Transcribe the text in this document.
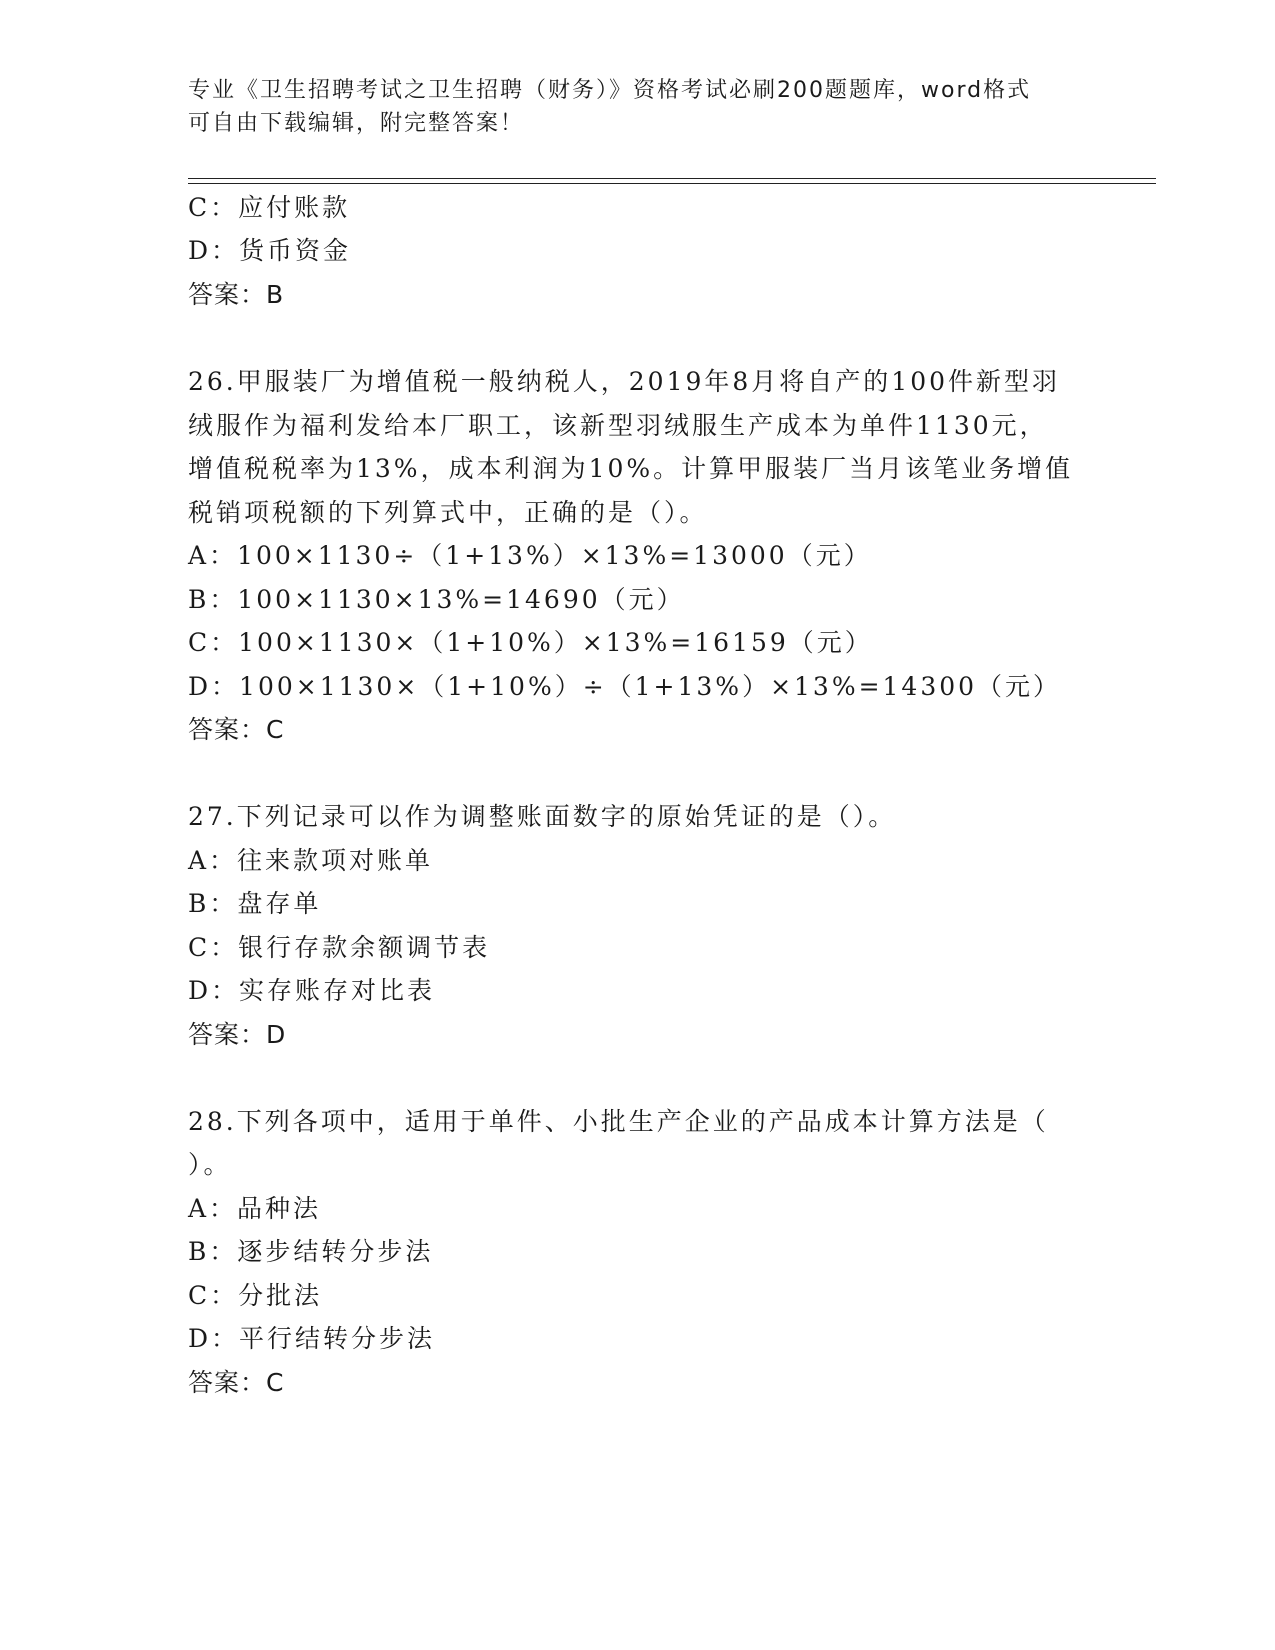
专业《卫生招聘考试之卫生招聘（财务）》资格考试必刷200题题库，word格式
可自由下载编辑，附完整答案！
C：应付账款
D：货币资金
答案：B
26.甲服装厂为增值税一般纳税人，2019年8月将自产的100件新型羽
绒服作为福利发给本厂职工，该新型羽绒服生产成本为单件1130元，
增值税税率为13%，成本利润为10%。计算甲服装厂当月该笔业务增值
税销项税额的下列算式中，正确的是（）。
A：100×1130÷（1+13%）×13%=13000（元）
B：100×1130×13%=14690（元）
C：100×1130×（1+10%）×13%=16159（元）
D：100×1130×（1+10%）÷（1+13%）×13%=14300（元）
答案：C
27.下列记录可以作为调整账面数字的原始凭证的是（）。
A：往来款项对账单
B：盘存单
C：银行存款余额调节表
D：实存账存对比表
答案：D
28.下列各项中，适用于单件、小批生产企业的产品成本计算方法是（
）。
A：品种法
B：逐步结转分步法
C：分批法
D：平行结转分步法
答案：C
